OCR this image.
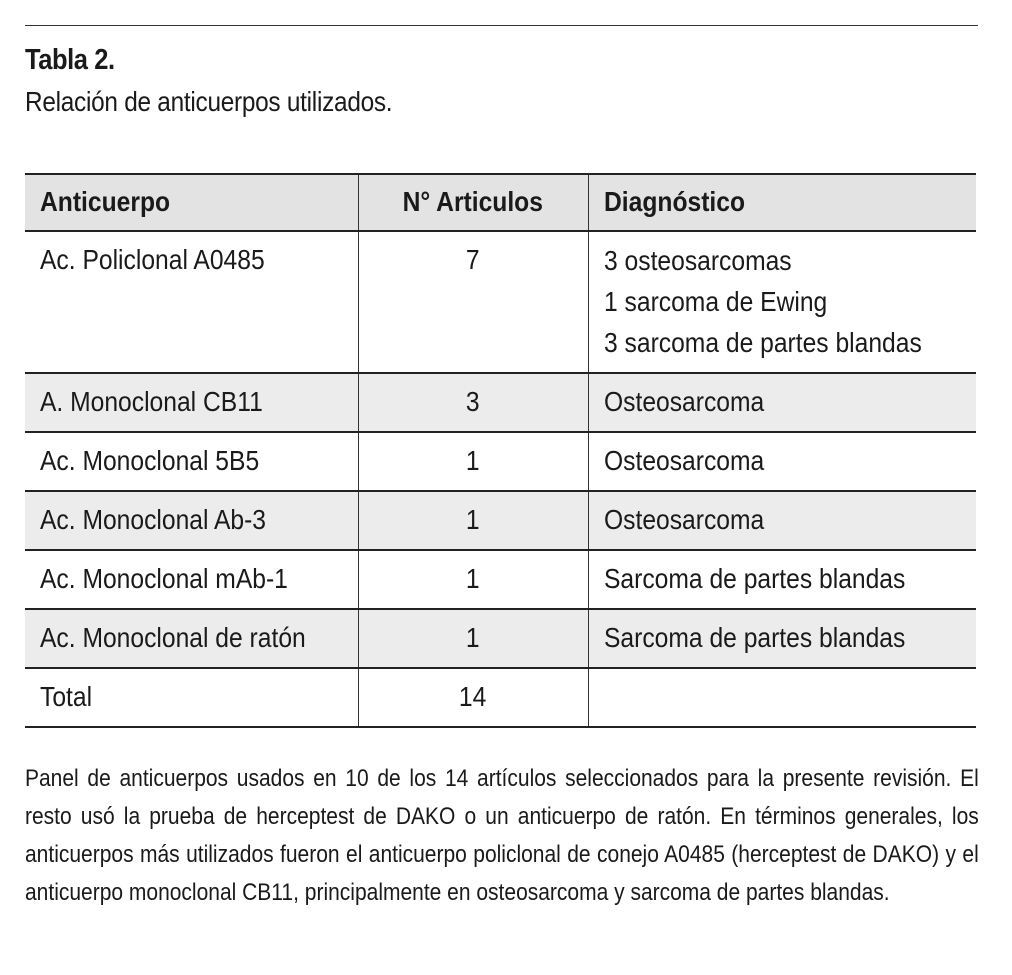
Tabla 2.
Relación de anticuerpos utilizados.
Anticuerpo	N° Articulos	Diagnóstico
Ac. Policlonal A0485	7	3 osteosarcomas
1 sarcoma de Ewing
3 sarcoma de partes blandas

A. Monoclonal CB11	3	Osteosarcoma
Ac. Monoclonal 5B5	1	Osteosarcoma
Ac. Monoclonal Ab-3	1	Osteosarcoma
Ac. Monoclonal mAb-1	1	Sarcoma de partes blandas
Ac. Monoclonal de ratón	1	Sarcoma de partes blandas
Total	14	

Panel de anticuerpos usados en 10 de los 14 artículos seleccionados para la presente revisión. El resto usó la prueba de herceptest de DAKO o un anticuerpo de ratón. En términos generales, los anticuerpos más utilizados fueron el anticuerpo policlonal de conejo A0485 (herceptest de DAKO) y el anticuerpo monoclonal CB11, principalmente en osteosarcoma y sarcoma de partes blandas.
